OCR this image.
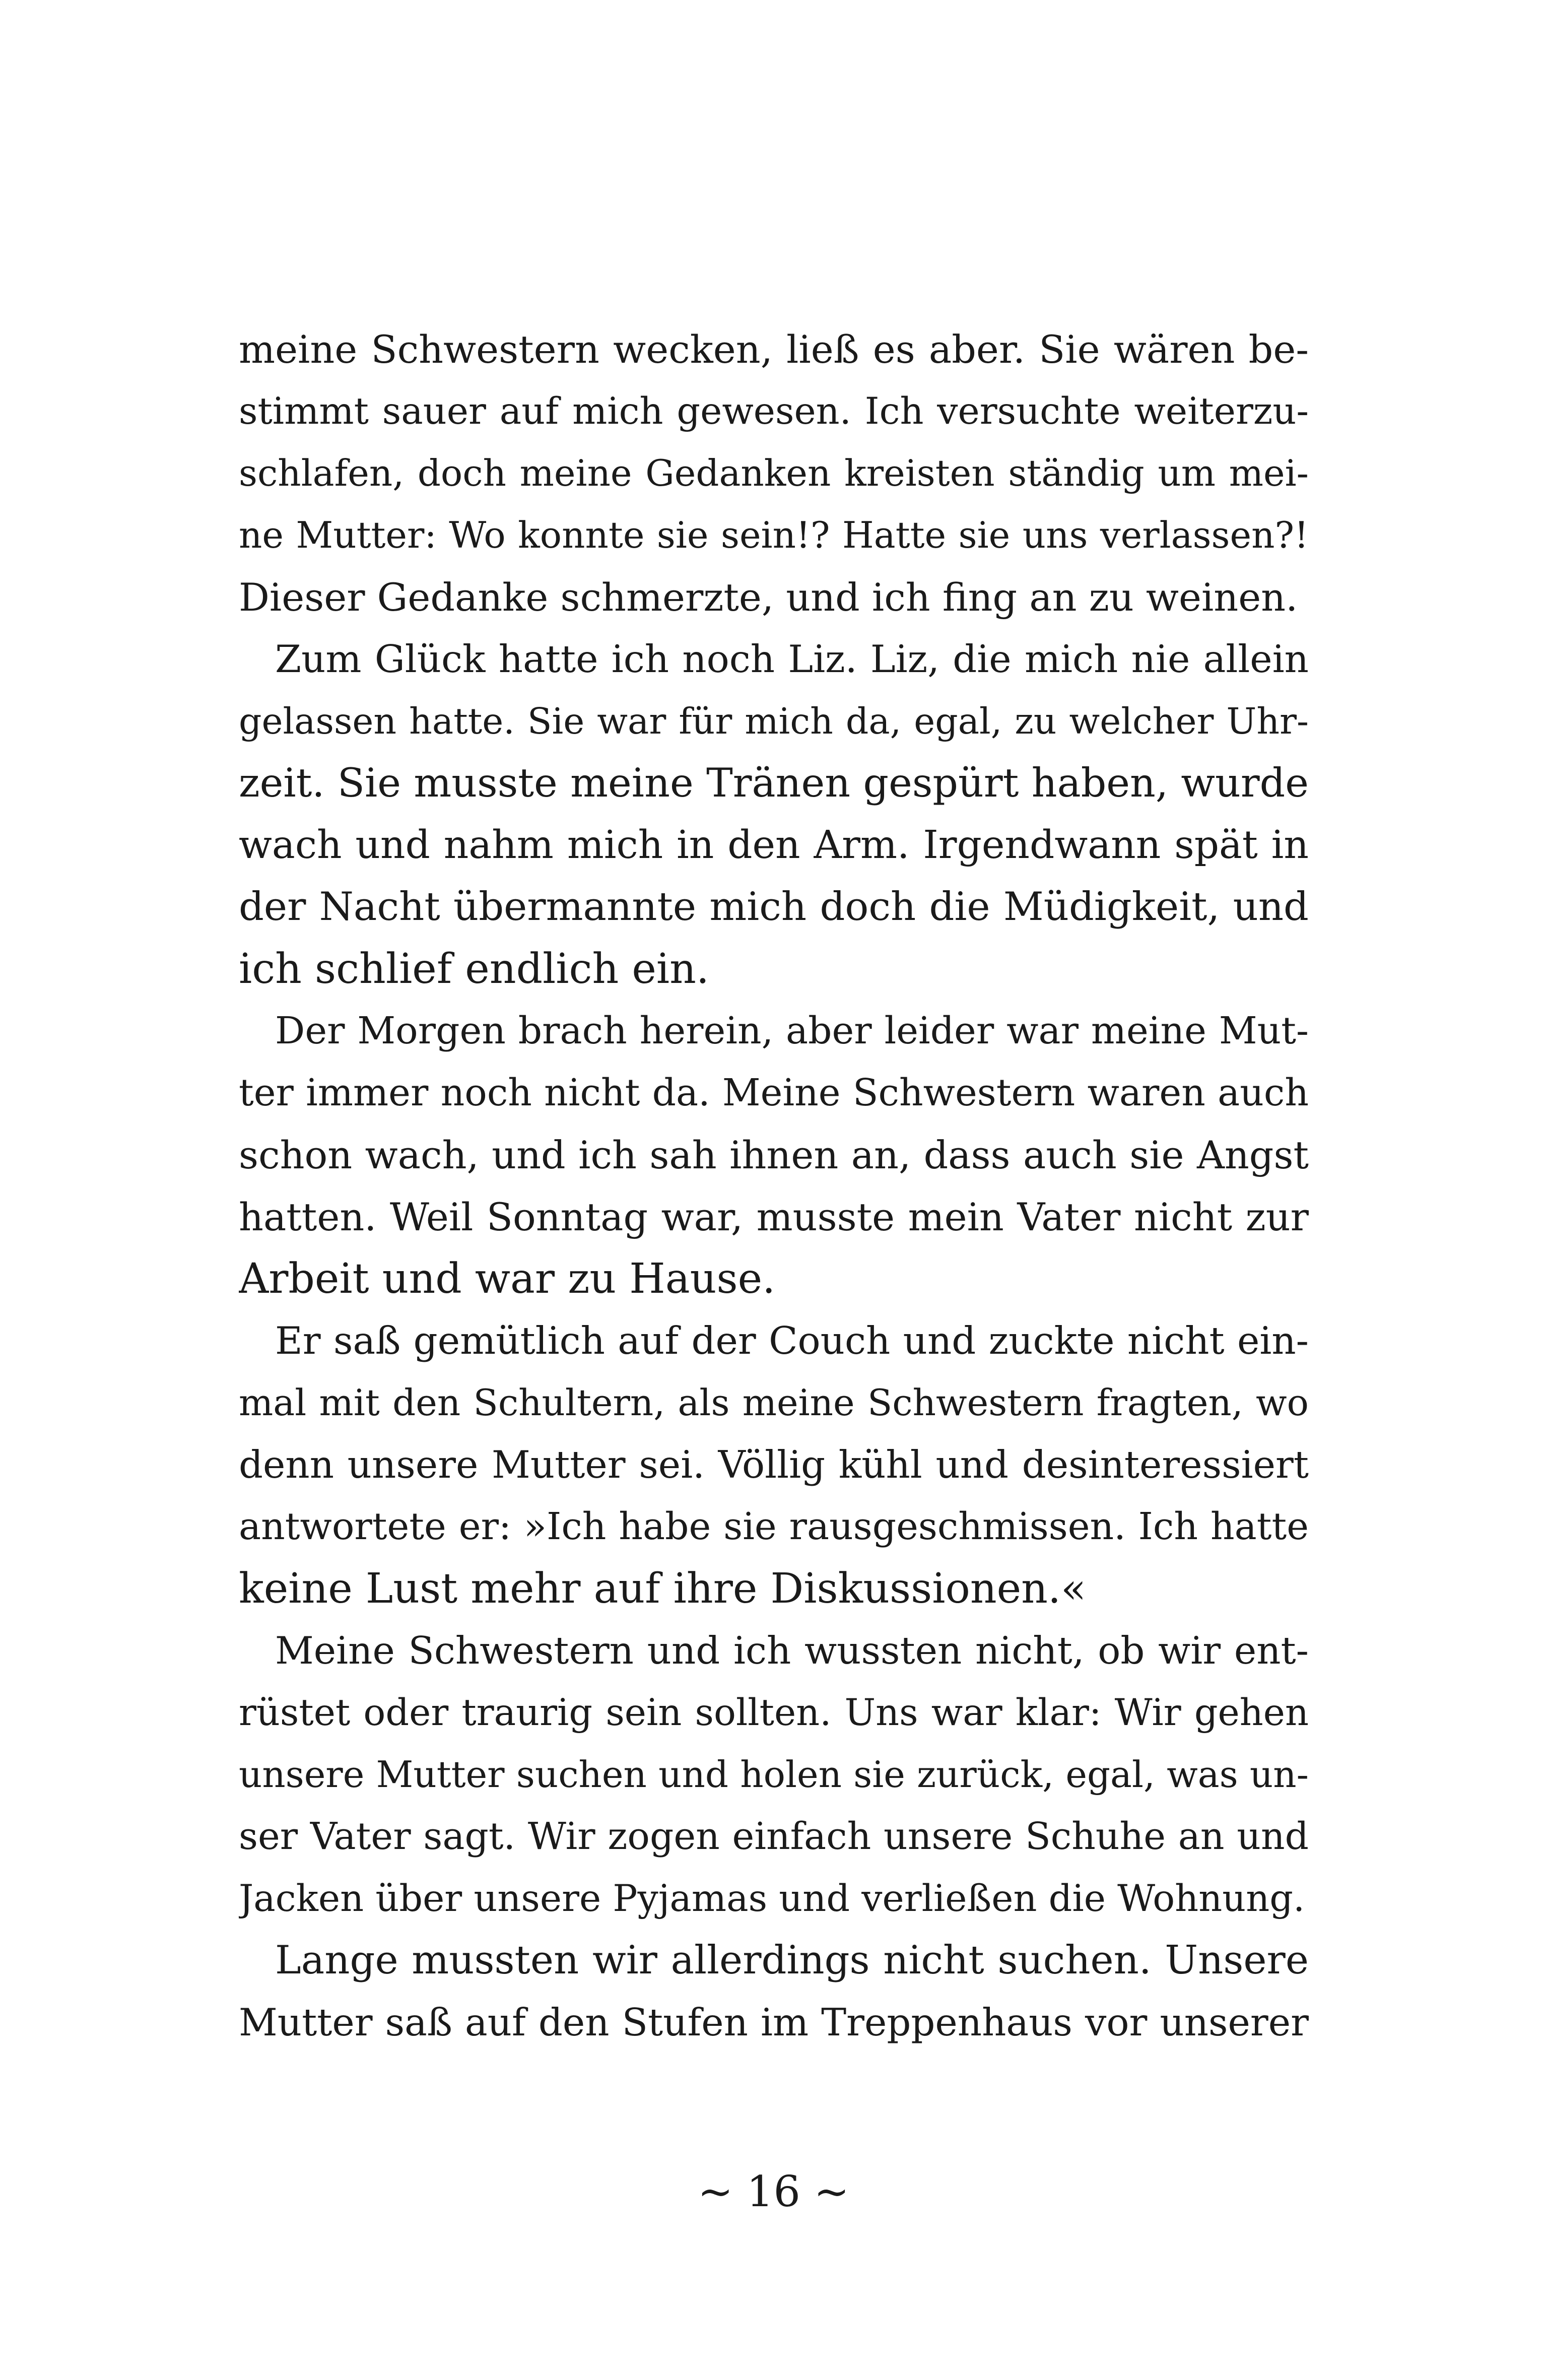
meine Schwestern wecken, ließ es aber. Sie wären be-
stimmt sauer auf mich gewesen. Ich versuchte weiterzu-
schlafen, doch meine Gedanken kreisten ständig um mei-
ne Mutter: Wo konnte sie sein!? Hatte sie uns verlassen?!
Dieser Gedanke schmerzte, und ich fing an zu weinen.
Zum Glück hatte ich noch Liz. Liz, die mich nie allein
gelassen hatte. Sie war für mich da, egal, zu welcher Uhr-
zeit. Sie musste meine Tränen gespürt haben, wurde
wach und nahm mich in den Arm. Irgendwann spät in
der Nacht übermannte mich doch die Müdigkeit, und
ich schlief endlich ein.
Der Morgen brach herein, aber leider war meine Mut-
ter immer noch nicht da. Meine Schwestern waren auch
schon wach, und ich sah ihnen an, dass auch sie Angst
hatten. Weil Sonntag war, musste mein Vater nicht zur
Arbeit und war zu Hause.
Er saß gemütlich auf der Couch und zuckte nicht ein-
mal mit den Schultern, als meine Schwestern fragten, wo
denn unsere Mutter sei. Völlig kühl und desinteressiert
antwortete er: »Ich habe sie rausgeschmissen. Ich hatte
keine Lust mehr auf ihre Diskussionen.«
Meine Schwestern und ich wussten nicht, ob wir ent-
rüstet oder traurig sein sollten. Uns war klar: Wir gehen
unsere Mutter suchen und holen sie zurück, egal, was un-
ser Vater sagt. Wir zogen einfach unsere Schuhe an und
Jacken über unsere Pyjamas und verließen die Wohnung.
Lange mussten wir allerdings nicht suchen. Unsere
Mutter saß auf den Stufen im Treppenhaus vor unserer
~ 16 ~
